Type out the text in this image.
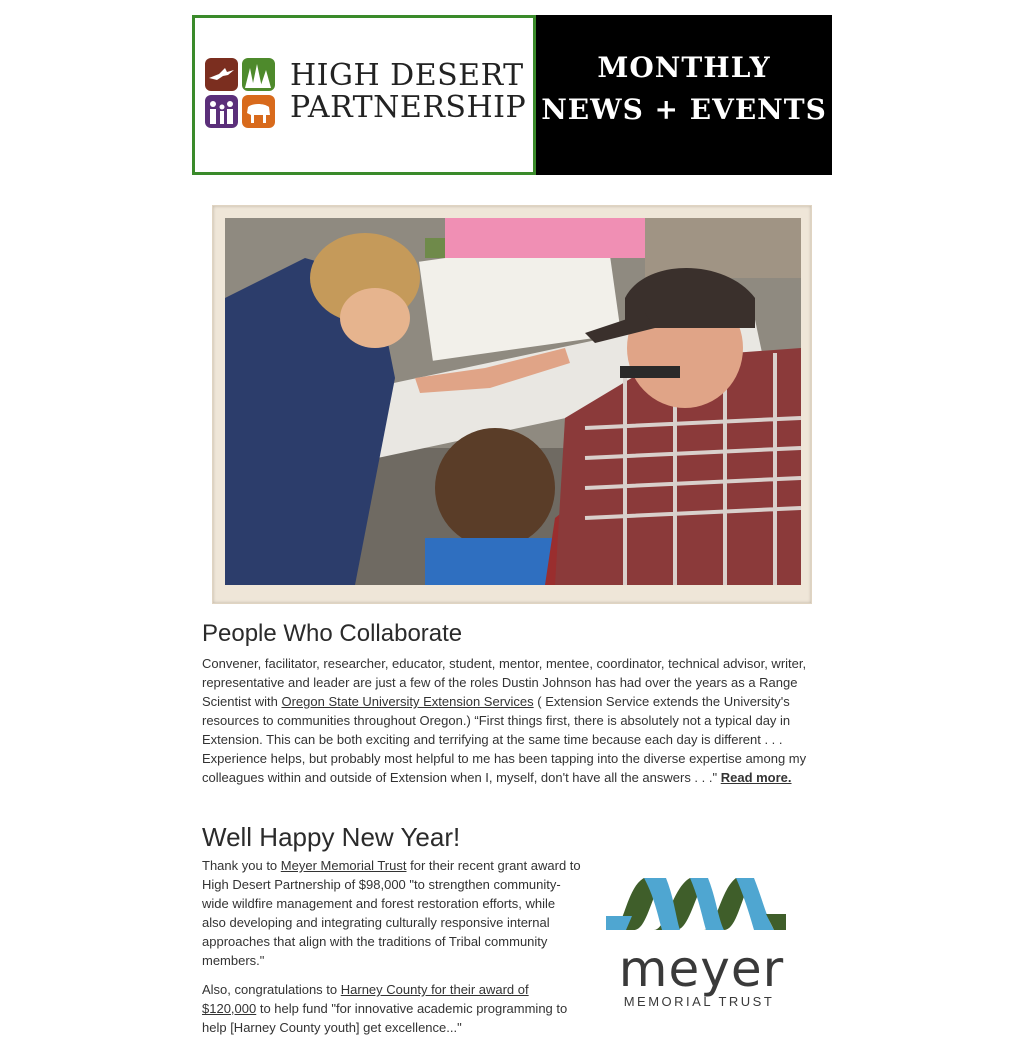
HIGH DESERT
PARTNERSHIP
MONTHLY
NEWS + EVENTS
People Who Collaborate
Convener, facilitator, researcher, educator, student, mentor, mentee, coordinator, technical advisor, writer, representative and leader are just a few of the roles Dustin Johnson has had over the years as a Range Scientist with Oregon State University Extension Services ( Extension Service extends the University's resources to communities throughout Oregon.) “First things first, there is absolutely not a typical day in Extension. This can be both exciting and terrifying at the same time because each day is different . . . Experience helps, but probably most helpful to me has been tapping into the diverse expertise among my colleagues within and outside of Extension when I, myself, don't have all the answers . . ." Read more.
Well Happy New Year!

Thank you to Meyer Memorial Trust for their recent grant award to High Desert Partnership of $98,000 "to strengthen community-wide wildfire management and forest restoration efforts, while also developing and integrating culturally responsive internal approaches that align with the traditions of Tribal community members."

Also, congratulations to Harney County for their award of $120,000 to help fund "for innovative academic programming to help [Harney County youth] get excellence..."

meyer
MEMORIAL TRUST
